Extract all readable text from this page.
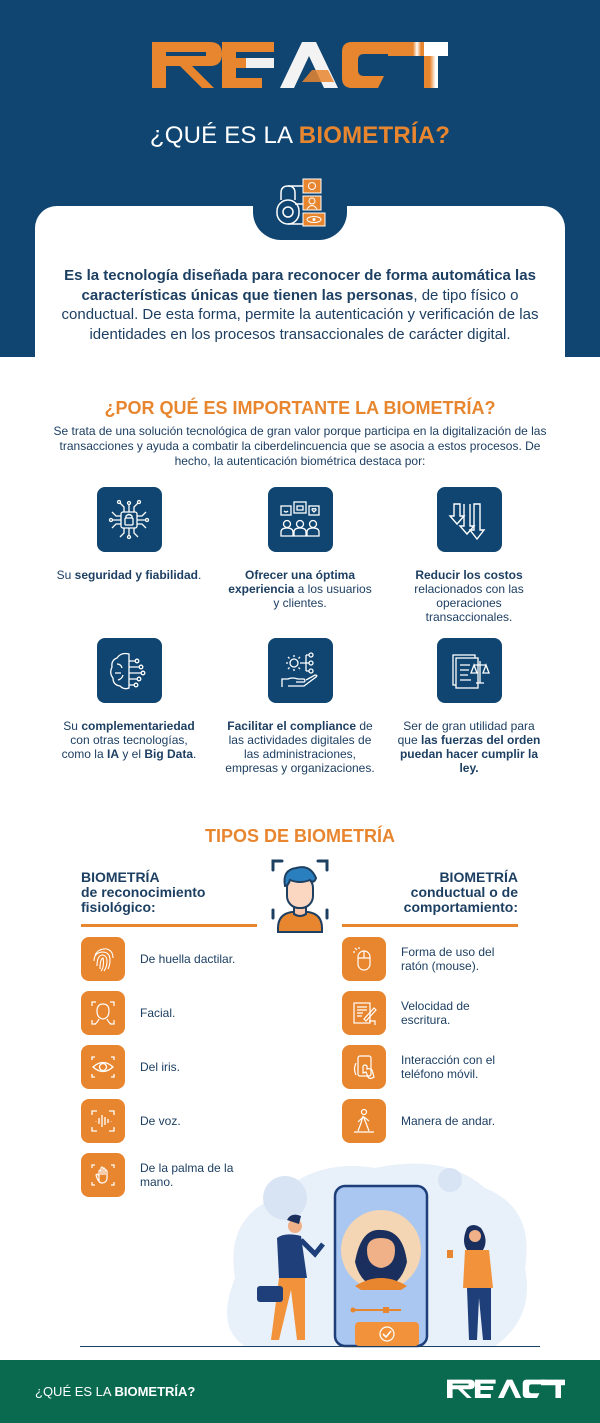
¿QUÉ ES LA BIOMETRÍA?
Es la tecnología diseñada para reconocer de forma automática las características únicas que tienen las personas, de tipo físico o conductual. De esta forma, permite la autenticación y verificación de las identidades en los procesos transaccionales de carácter digital.
¿POR QUÉ ES IMPORTANTE LA BIOMETRÍA?
Se trata de una solución tecnológica de gran valor porque participa en la digitalización de las transacciones y ayuda a combatir la ciberdelincuencia que se asocia a estos procesos. De hecho, la autenticación biométrica destaca por:
Su seguridad y fiabilidad.	Ofrecer una óptima experiencia a los usuarios y clientes.
Reducir los costos relacionados con las operaciones transaccionales.
Su complementariedad con otras tecnologías, como la IA y el Big Data.
Facilitar el compliance de las actividades digitales de las administraciones, empresas y organizaciones.
Ser de gran utilidad para que las fuerzas del orden puedan hacer cumplir la ley.
TIPOS DE BIOMETRÍA
BIOMETRÍA
de reconocimiento
fisiológico:
BIOMETRÍA
conductual o de
comportamiento:
De huella dactilar.
Facial.
Del iris.
De voz.
De la palma de la mano.
Forma de uso del ratón (mouse).
Velocidad de escritura.
Interacción con el teléfono móvil.
Manera de andar.
¿QUÉ ES LA BIOMETRÍA?
